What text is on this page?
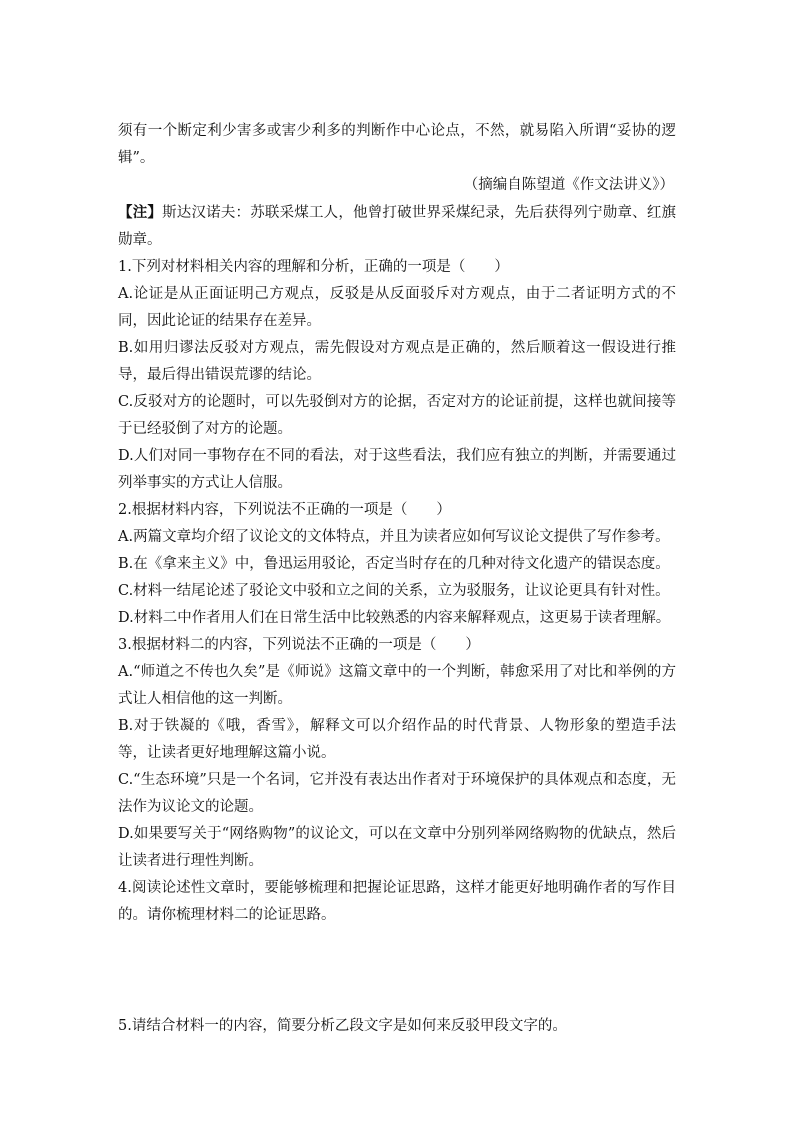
须有一个断定利少害多或害少利多的判断作中心论点，不然，就易陷入所谓“妥协的逻辑”。
（摘编自陈望道《作文法讲义》）
【注】斯达汉诺夫：苏联采煤工人，他曾打破世界采煤纪录，先后获得列宁勋章、红旗勋章。
1.下列对材料相关内容的理解和分析，正确的一项是（　　）
A.论证是从正面证明己方观点，反驳是从反面驳斥对方观点，由于二者证明方式的不同，因此论证的结果存在差异。
B.如用归谬法反驳对方观点，需先假设对方观点是正确的，然后顺着这一假设进行推导，最后得出错误荒谬的结论。
C.反驳对方的论题时，可以先驳倒对方的论据，否定对方的论证前提，这样也就间接等于已经驳倒了对方的论题。
D.人们对同一事物存在不同的看法，对于这些看法，我们应有独立的判断，并需要通过列举事实的方式让人信服。
2.根据材料内容，下列说法不正确的一项是（　　）
A.两篇文章均介绍了议论文的文体特点，并且为读者应如何写议论文提供了写作参考。
B.在《拿来主义》中，鲁迅运用驳论，否定当时存在的几种对待文化遗产的错误态度。
C.材料一结尾论述了驳论文中驳和立之间的关系，立为驳服务，让议论更具有针对性。
D.材料二中作者用人们在日常生活中比较熟悉的内容来解释观点，这更易于读者理解。
3.根据材料二的内容，下列说法不正确的一项是（　　）
A.“师道之不传也久矣”是《师说》这篇文章中的一个判断，韩愈采用了对比和举例的方式让人相信他的这一判断。
B.对于铁凝的《哦，香雪》，解释文可以介绍作品的时代背景、人物形象的塑造手法等，让读者更好地理解这篇小说。
C.“生态环境”只是一个名词，它并没有表达出作者对于环境保护的具体观点和态度，无法作为议论文的论题。
D.如果要写关于“网络购物”的议论文，可以在文章中分别列举网络购物的优缺点，然后让读者进行理性判断。
4.阅读论述性文章时，要能够梳理和把握论证思路，这样才能更好地明确作者的写作目的。请你梳理材料二的论证思路。
5.请结合材料一的内容，简要分析乙段文字是如何来反驳甲段文字的。
